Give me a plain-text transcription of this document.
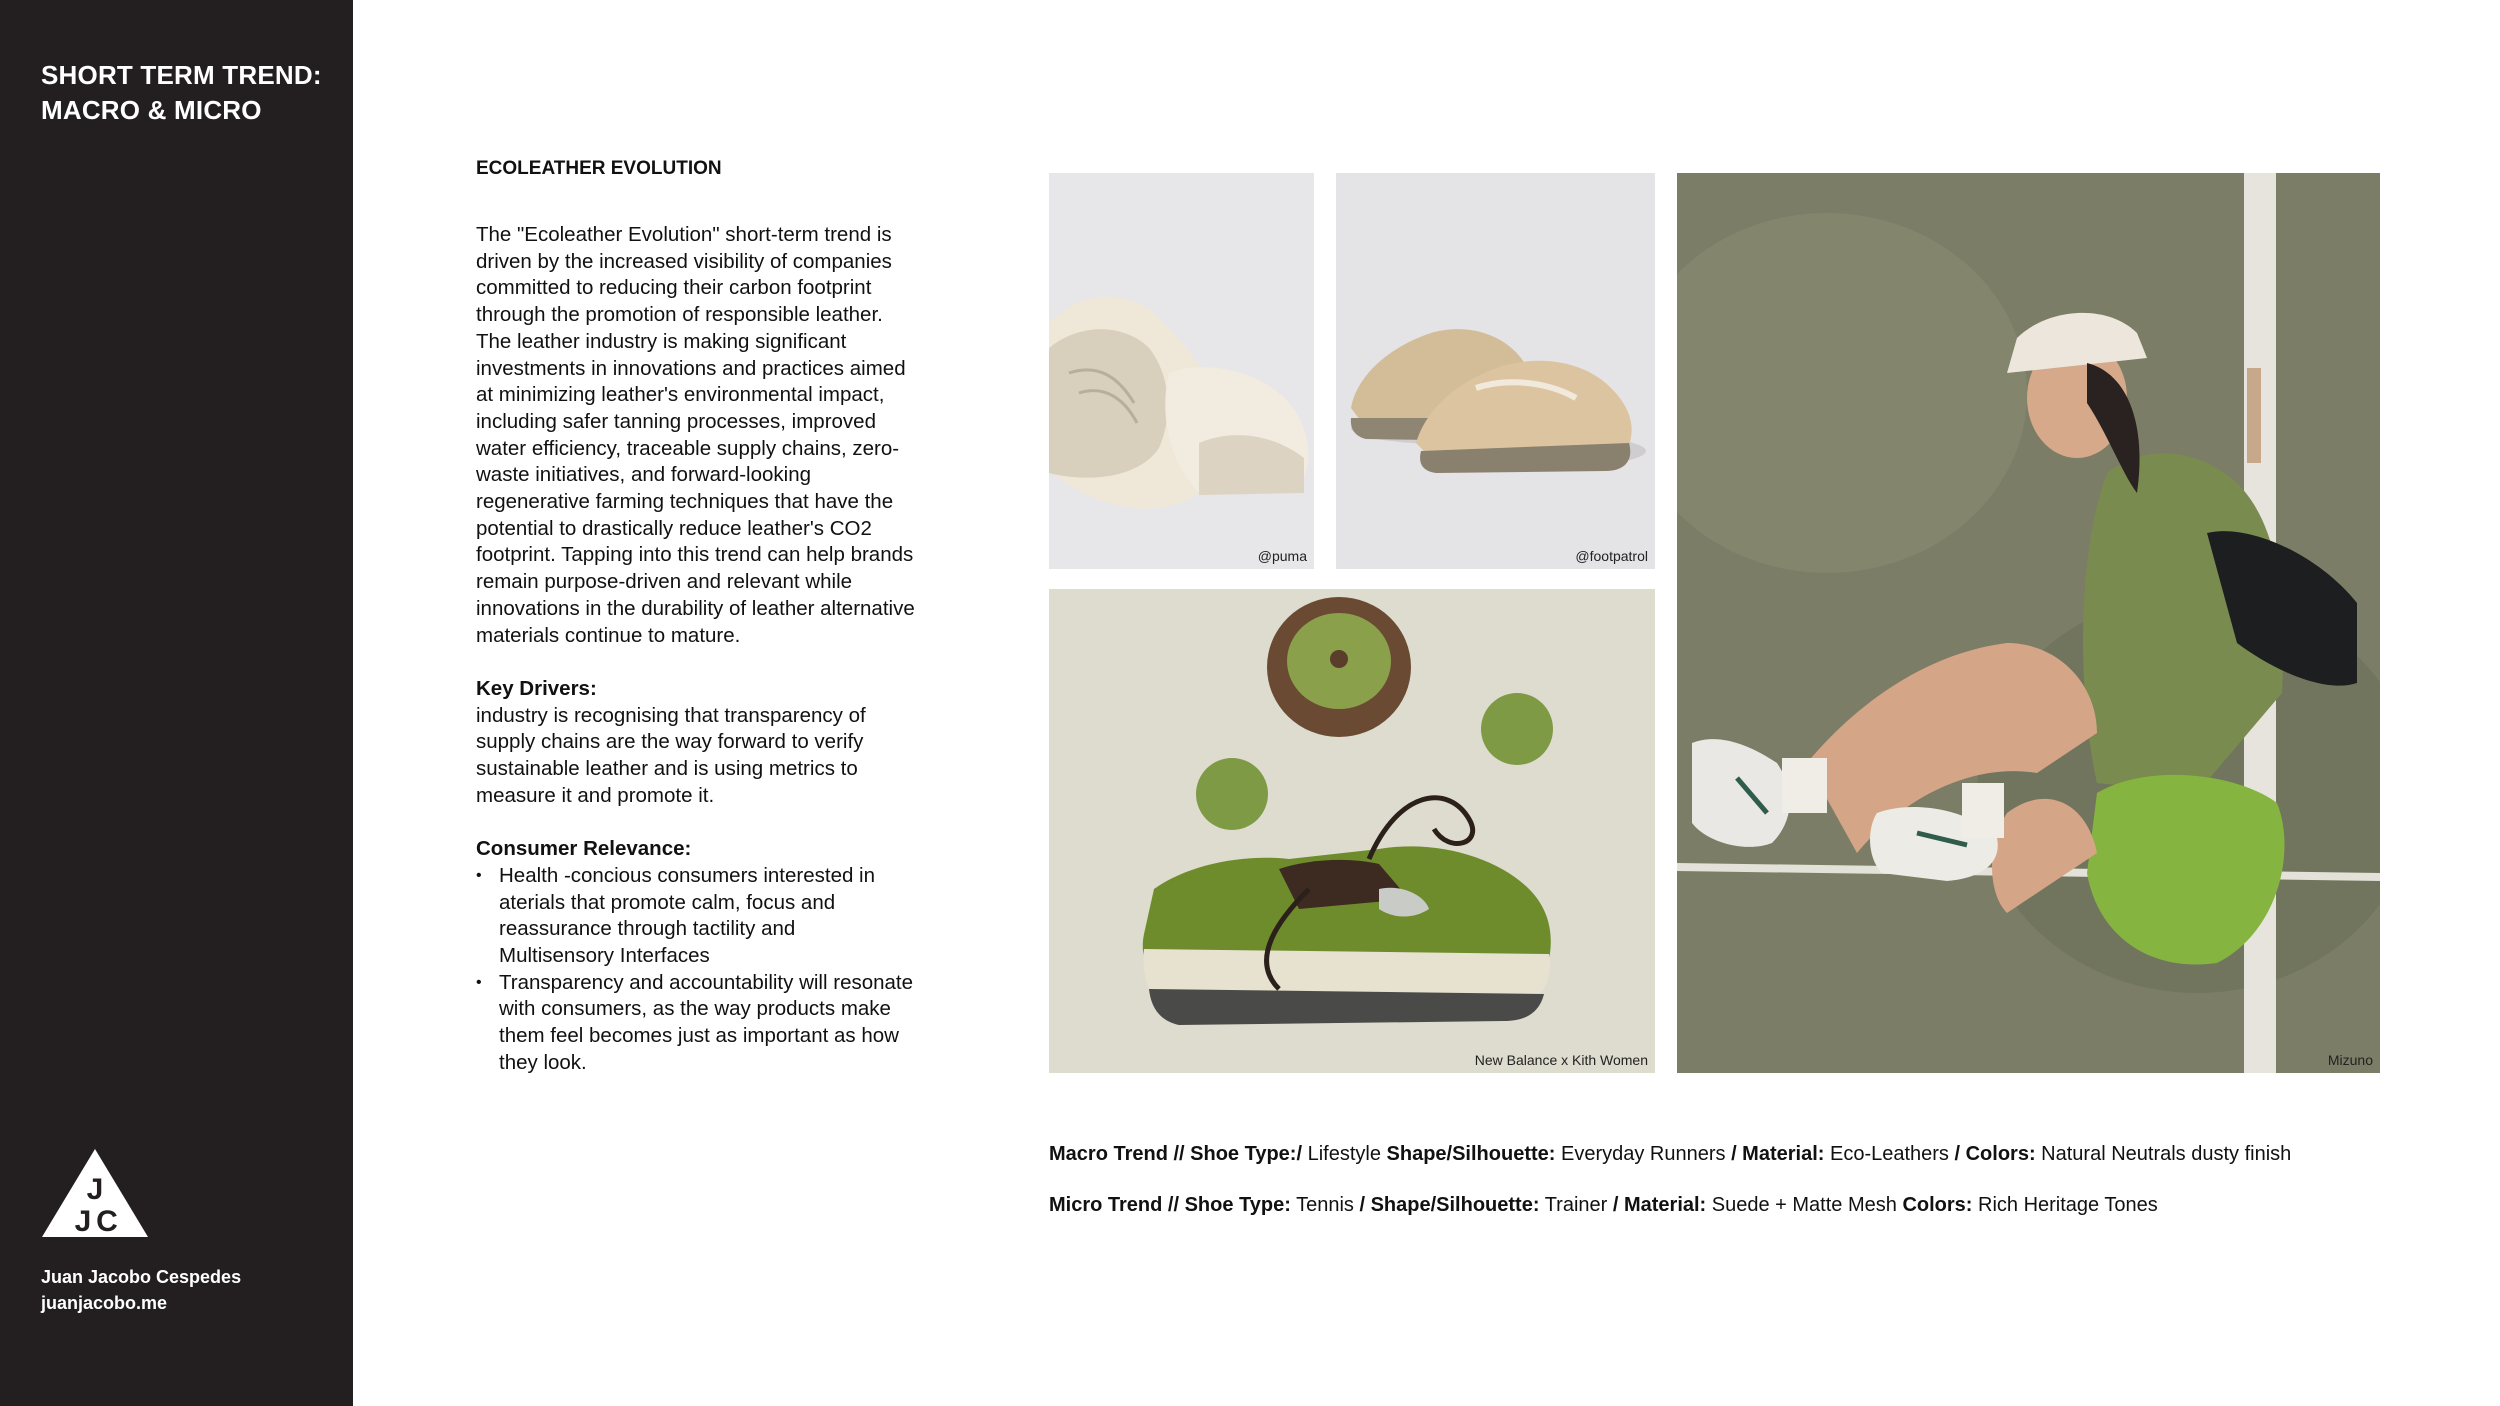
SHORT TERM TREND:
MACRO & MICRO
J
J C
Juan Jacobo Cespedes
juanjacobo.me
ECOLEATHER EVOLUTION

The "Ecoleather Evolution" short-term trend is driven by the increased visibility of companies committed to reducing their carbon footprint through the promotion of responsible leather. The leather industry is making significant investments in innovations and practices aimed at minimizing leather's environmental impact, including safer tanning processes, improved water efficiency, traceable supply chains, zero-waste initiatives, and forward-looking regenerative farming techniques that have the potential to drastically reduce leather's CO2 footprint. Tapping into this trend can help brands remain purpose-driven and relevant while innovations in the durability of leather alternative materials continue to mature.

Key Drivers:

industry is recognising that transparency of supply chains are the way forward to verify sustainable leather and is using metrics to measure it and promote it.

Consumer Relevance:

• Health -concious consumers interested in aterials that promote calm, focus and reassurance through tactility and Multisensory Interfaces
• Transparency and accountability will resonate with consumers, as the way products make them feel becomes just as important as how they look.
@puma	@footpatrol
New Balance x Kith Women	Mizuno
Macro Trend // Shoe Type:/ Lifestyle Shape/Silhouette: Everyday Runners / Material: Eco-Leathers / Colors: Natural Neutrals dusty finish
Micro Trend // Shoe Type: Tennis / Shape/Silhouette: Trainer / Material: Suede + Matte Mesh Colors: Rich Heritage Tones
